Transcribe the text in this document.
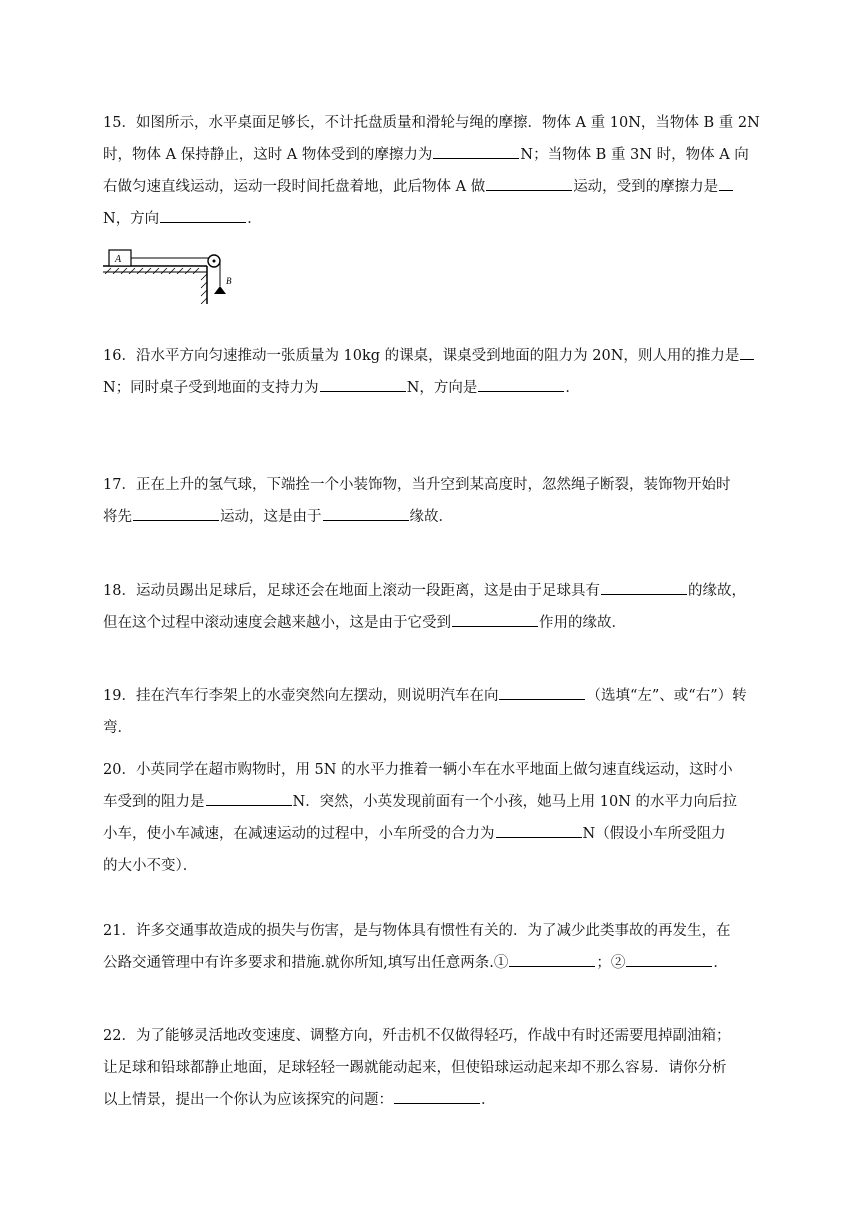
15．如图所示，水平桌面足够长，不计托盘质量和滑轮与绳的摩擦．物体 A 重 10N，当物体 B 重 2N

时，物体 A 保持静止，这时 A 物体受到的摩擦力为	N；当物体 B 重 3N 时，物体 A 向

右做匀速直线运动，运动一段时间托盘着地，此后物体 A 做	运动，受到的摩擦力是

N，方向	．

A
B

16．沿水平方向匀速推动一张质量为 10kg 的课桌，课桌受到地面的阻力为 20N，则人用的推力是

N；同时桌子受到地面的支持力为	N，方向是	．

17．正在上升的氢气球，下端拴一个小装饰物，当升空到某高度时，忽然绳子断裂，装饰物开始时

将先	运动，这是由于	缘故．

18．运动员踢出足球后，足球还会在地面上滚动一段距离，这是由于足球具有	的缘故，

但在这个过程中滚动速度会越来越小，这是由于它受到	作用的缘故．

19．挂在汽车行李架上的水壶突然向左摆动，则说明汽车在向	（选填“左”、或“右”）转

弯．

20．小英同学在超市购物时，用 5N 的水平力推着一辆小车在水平地面上做匀速直线运动，这时小

车受到的阻力是	N．突然，小英发现前面有一个小孩，她马上用 10N 的水平力向后拉

小车，使小车减速，在减速运动的过程中，小车所受的合力为	N（假设小车所受阻力

的大小不变）．

21．许多交通事故造成的损失与伤害，是与物体具有惯性有关的．为了减少此类事故的再发生，在

公路交通管理中有许多要求和措施.就你所知,填写出任意两条.①	；②	．

22．为了能够灵活地改变速度、调整方向，歼击机不仅做得轻巧，作战中有时还需要甩掉副油箱；

让足球和铅球都静止地面，足球轻轻一踢就能动起来，但使铅球运动起来却不那么容易．请你分析

以上情景，提出一个你认为应该探究的问题：	．
